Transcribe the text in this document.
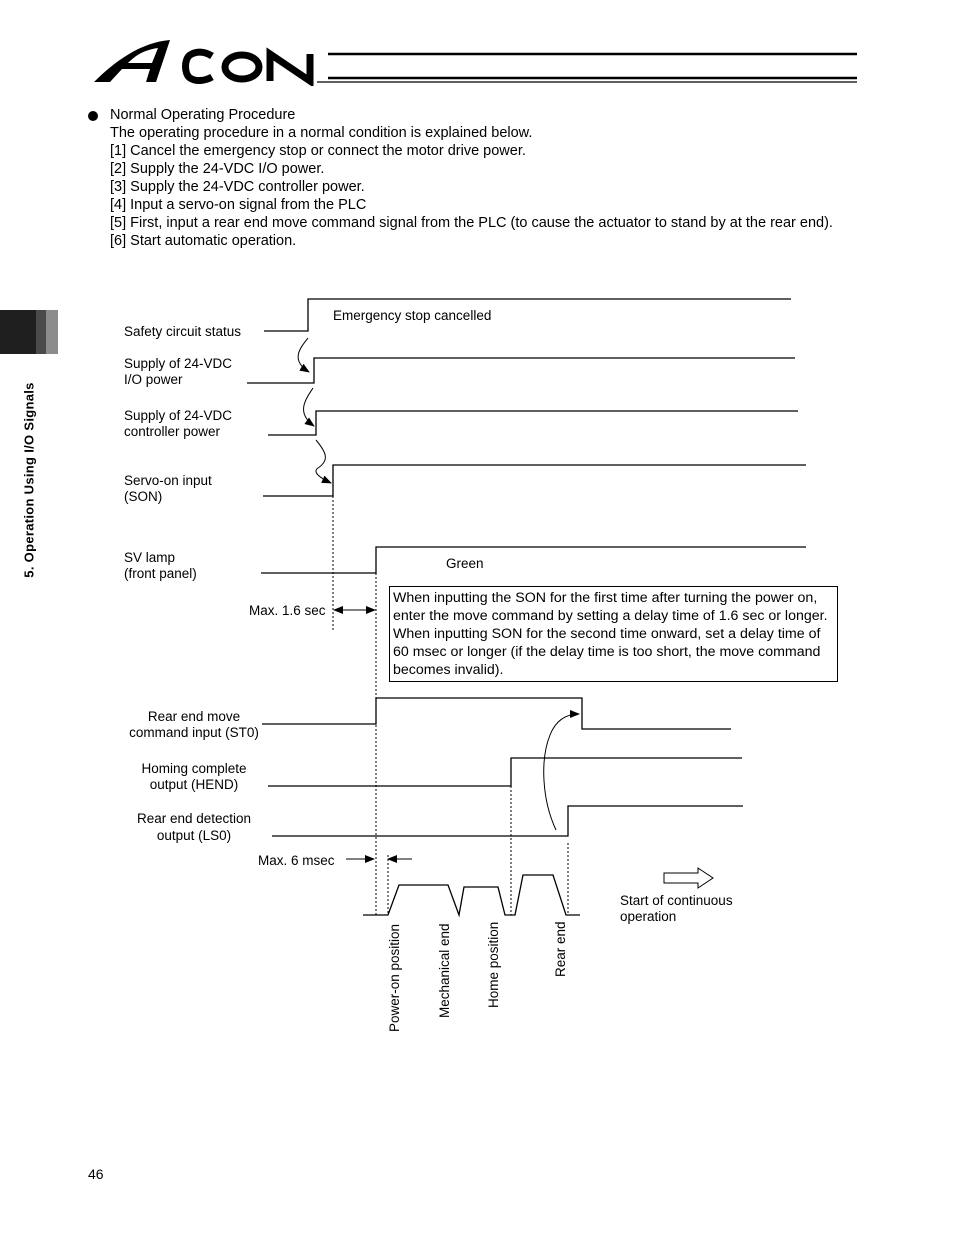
5. Operation Using I/O Signals
Normal Operating Procedure
The operating procedure in a normal condition is explained below.
[1] Cancel the emergency stop or connect the motor drive power.
[2] Supply the 24-VDC I/O power.
[3] Supply the 24-VDC controller power.
[4] Input a servo-on signal from the PLC
[5] First, input a rear end move command signal from the PLC (to cause the actuator to stand by at the rear end).
[6] Start automatic operation.
Safety circuit status
Supply of 24-VDC I/O power
Supply of 24-VDC controller power
Servo-on input (SON)
SV lamp (front panel)
Rear end move command input (ST0)
Homing complete output (HEND)
Rear end detection output (LS0)
Emergency stop cancelled
Green
Max. 1.6 sec
Max. 6 msec
Power-on position	Mechanical end	Home position	Rear end
Start of continuous operation
When inputting the SON for the first time after turning the power on, enter the move command by setting a delay time of 1.6 sec or longer. When inputting SON for the second time onward, set a delay time of 60 msec or longer (if the delay time is too short, the move command becomes invalid).
46
